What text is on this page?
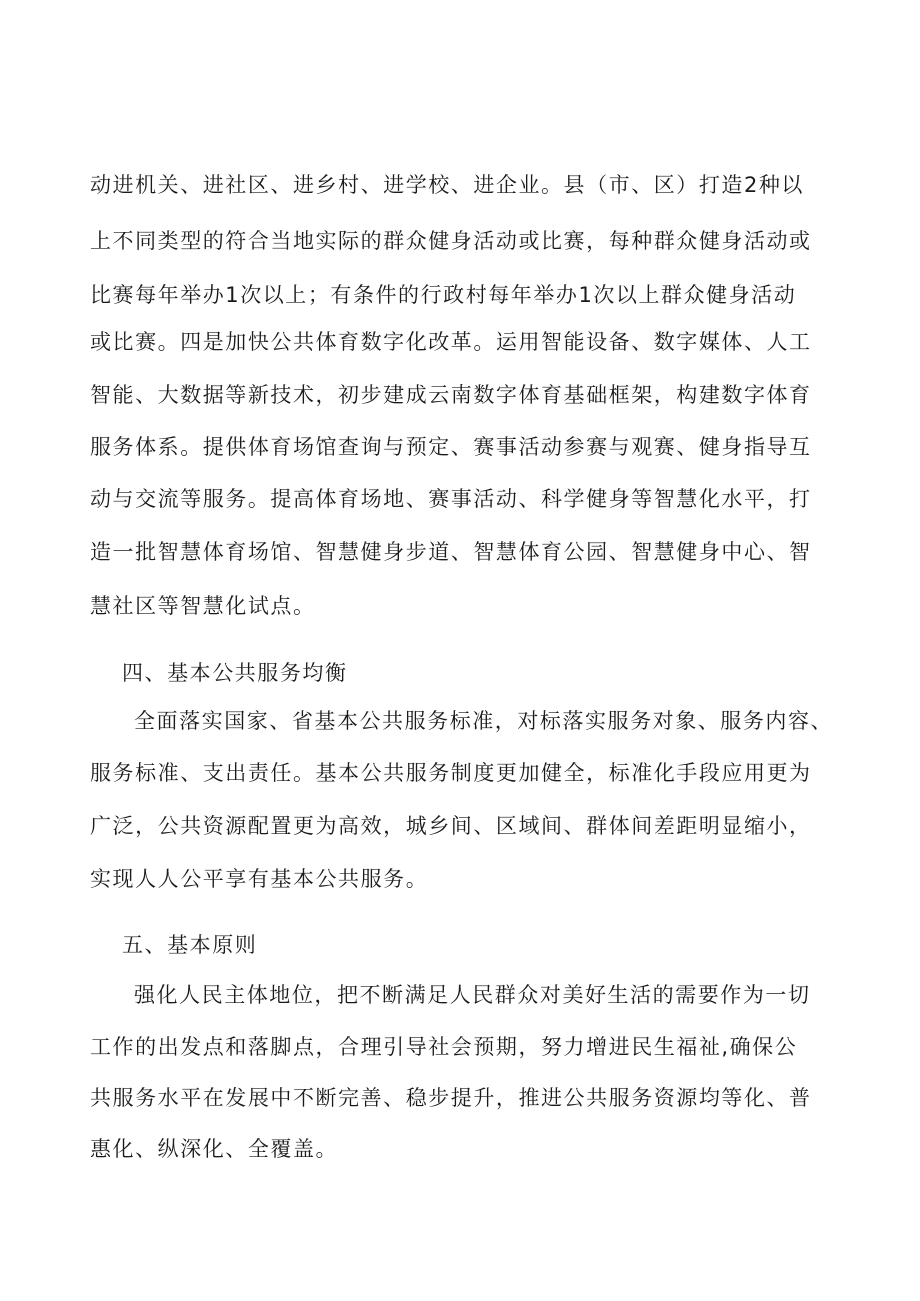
动进机关、进社区、进乡村、进学校、进企业。县（市、区）打造2种以
上不同类型的符合当地实际的群众健身活动或比赛，每种群众健身活动或
比赛每年举办1次以上；有条件的行政村每年举办1次以上群众健身活动
或比赛。四是加快公共体育数字化改革。运用智能设备、数字媒体、人工
智能、大数据等新技术，初步建成云南数字体育基础框架，构建数字体育
服务体系。提供体育场馆查询与预定、赛事活动参赛与观赛、健身指导互
动与交流等服务。提高体育场地、赛事活动、科学健身等智慧化水平，打
造一批智慧体育场馆、智慧健身步道、智慧体育公园、智慧健身中心、智
慧社区等智慧化试点。
四、基本公共服务均衡
全面落实国家、省基本公共服务标准，对标落实服务对象、服务内容、
服务标准、支出责任。基本公共服务制度更加健全，标准化手段应用更为
广泛，公共资源配置更为高效，城乡间、区域间、群体间差距明显缩小，
实现人人公平享有基本公共服务。
五、基本原则
强化人民主体地位，把不断满足人民群众对美好生活的需要作为一切
工作的出发点和落脚点，合理引导社会预期，努力增进民生福祉,确保公
共服务水平在发展中不断完善、稳步提升，推进公共服务资源均等化、普
惠化、纵深化、全覆盖。
